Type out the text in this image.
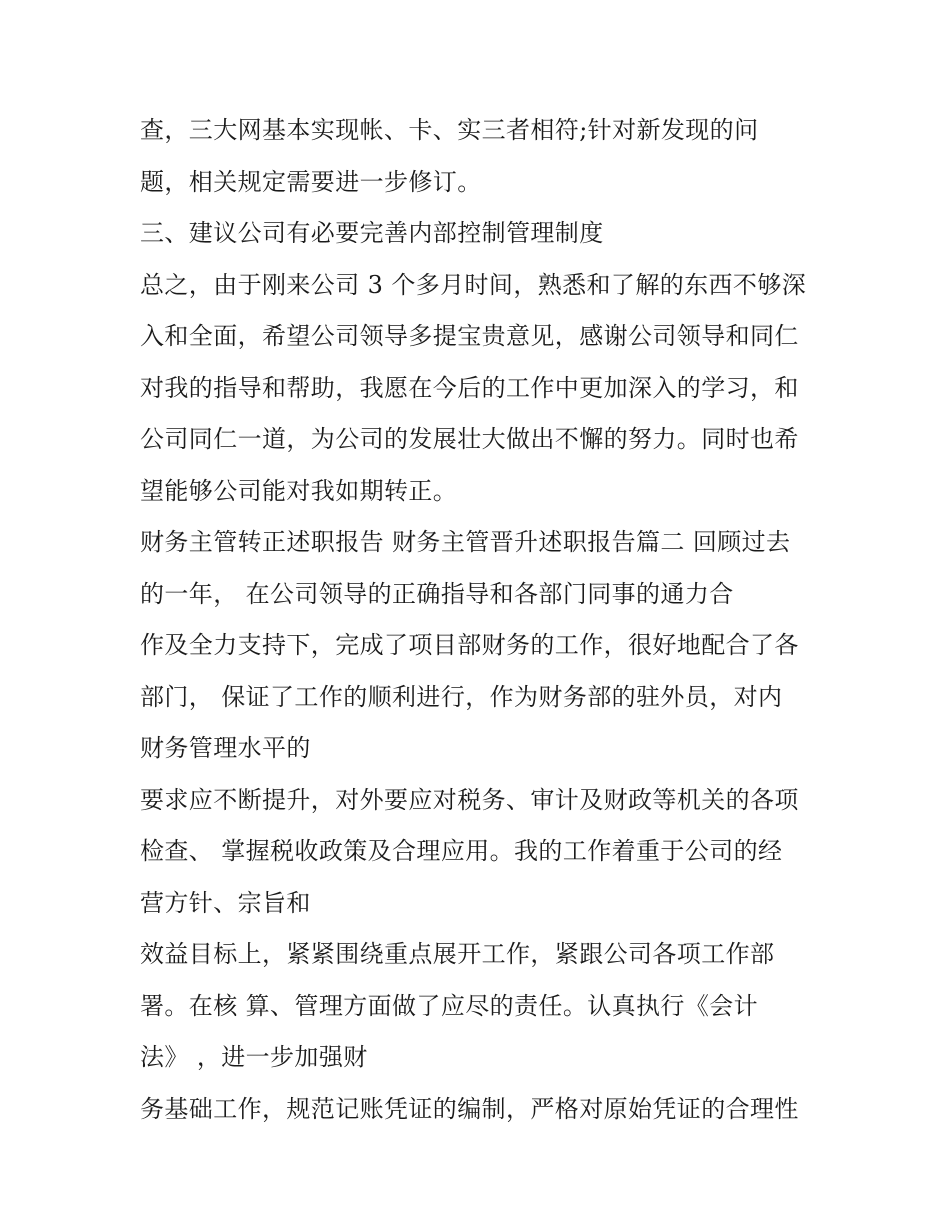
查，三大网基本实现帐、卡、实三者相符;针对新发现的问
题，相关规定需要进一步修订。
三、建议公司有必要完善内部控制管理制度
总之，由于刚来公司 3 个多月时间，熟悉和了解的东西不够深
入和全面，希望公司领导多提宝贵意见，感谢公司领导和同仁
对我的指导和帮助，我愿在今后的工作中更加深入的学习，和
公司同仁一道，为公司的发展壮大做出不懈的努力。同时也希
望能够公司能对我如期转正。
财务主管转正述职报告 财务主管晋升述职报告篇二 回顾过去
的一年， 在公司领导的正确指导和各部门同事的通力合
作及全力支持下，完成了项目部财务的工作，很好地配合了各
部门， 保证了工作的顺利进行，作为财务部的驻外员，对内
财务管理水平的
要求应不断提升，对外要应对税务、审计及财政等机关的各项
检查、 掌握税收政策及合理应用。我的工作着重于公司的经
营方针、宗旨和
效益目标上，紧紧围绕重点展开工作，紧跟公司各项工作部
署。在核 算、管理方面做了应尽的责任。认真执行《会计
法》 ，进一步加强财
务基础工作，规范记账凭证的编制，严格对原始凭证的合理性
